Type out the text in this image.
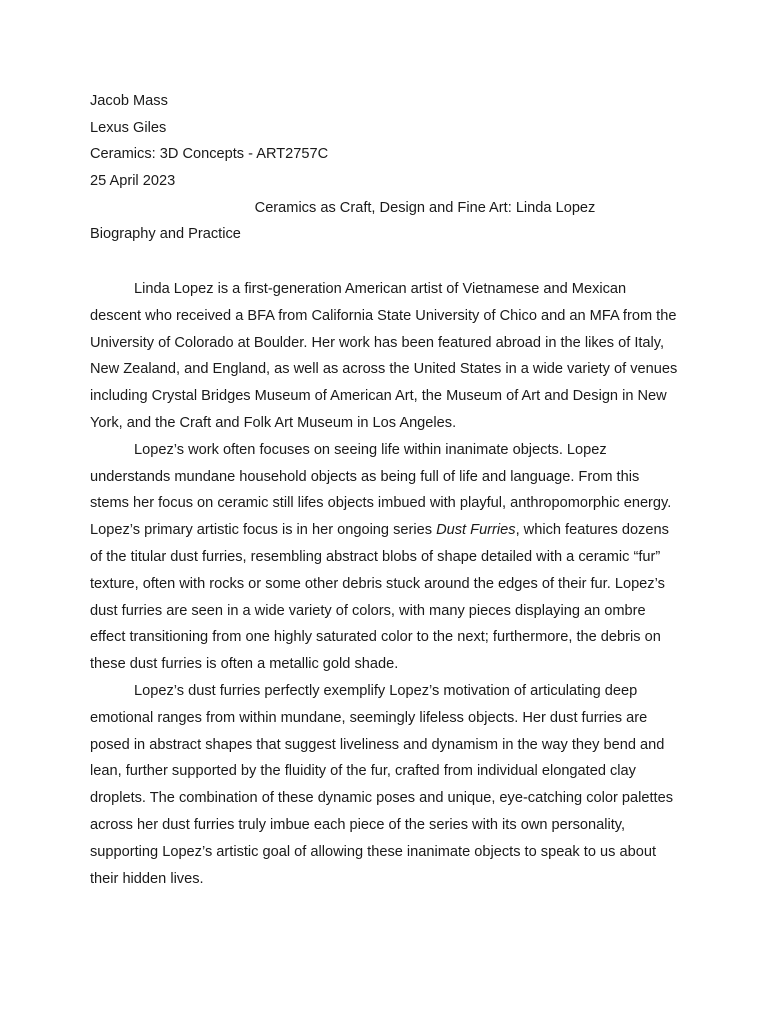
Jacob Mass
Lexus Giles
Ceramics: 3D Concepts - ART2757C
25 April 2023
Ceramics as Craft, Design and Fine Art: Linda Lopez
Biography and Practice

Linda Lopez is a first-generation American artist of Vietnamese and Mexican descent who received a BFA from California State University of Chico and an MFA from the University of Colorado at Boulder. Her work has been featured abroad in the likes of Italy, New Zealand, and England, as well as across the United States in a wide variety of venues including Crystal Bridges Museum of American Art, the Museum of Art and Design in New York, and the Craft and Folk Art Museum in Los Angeles.

Lopez’s work often focuses on seeing life within inanimate objects. Lopez understands mundane household objects as being full of life and language. From this stems her focus on ceramic still lifes objects imbued with playful, anthropomorphic energy. Lopez’s primary artistic focus is in her ongoing series Dust Furries, which features dozens of the titular dust furries, resembling abstract blobs of shape detailed with a ceramic “fur” texture, often with rocks or some other debris stuck around the edges of their fur. Lopez’s dust furries are seen in a wide variety of colors, with many pieces displaying an ombre effect transitioning from one highly saturated color to the next; furthermore, the debris on these dust furries is often a metallic gold shade.

Lopez’s dust furries perfectly exemplify Lopez’s motivation of articulating deep emotional ranges from within mundane, seemingly lifeless objects. Her dust furries are posed in abstract shapes that suggest liveliness and dynamism in the way they bend and lean, further supported by the fluidity of the fur, crafted from individual elongated clay droplets. The combination of these dynamic poses and unique, eye-catching color palettes across her dust furries truly imbue each piece of the series with its own personality, supporting Lopez’s artistic goal of allowing these inanimate objects to speak to us about their hidden lives.
